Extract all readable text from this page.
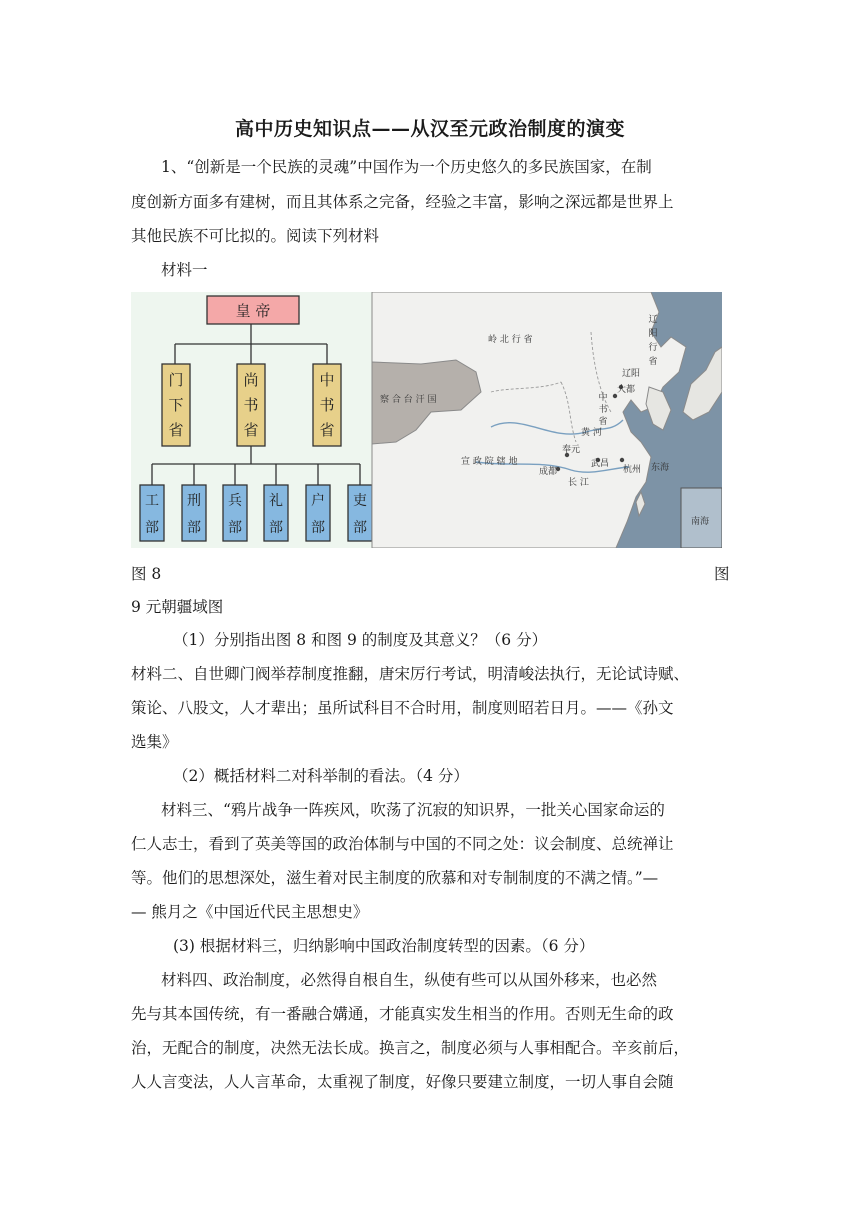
高中历史知识点——从汉至元政治制度的演变
1、“创新是一个民族的灵魂”中国作为一个历史悠久的多民族国家，在制
度创新方面多有建树，而且其体系之完备，经验之丰富，影响之深远都是世界上
其他民族不可比拟的。阅读下列材料
材料一
皇 帝
门
下
省
尚
书
省
中
书
省
工
部
刑
部
兵
部
礼
部
户
部
吏
部
岭 北 行 省
察 合 台 汗 国
宣 政 院 辖 地
大都
辽阳
黄 河
奉元
成都
长 江
武昌
杭州 东海
南海
辽
阳
行
省
中
书
省
图 8	图
9 元朝疆域图
（1）分别指出图 8 和图 9 的制度及其意义？（6 分）
材料二、自世卿门阀举荐制度推翻，唐宋厉行考试，明清峻法执行，无论试诗赋、
策论、八股文，人才辈出；虽所试科目不合时用，制度则昭若日月。——《孙文
选集》
（2）概括材料二对科举制的看法。（4 分）
材料三、“鸦片战争一阵疾风，吹荡了沉寂的知识界，一批关心国家命运的
仁人志士，看到了英美等国的政治体制与中国的不同之处：议会制度、总统禅让
等。他们的思想深处，滋生着对民主制度的欣慕和对专制制度的不满之情。”—
— 熊月之《中国近代民主思想史》
(3) 根据材料三，归纳影响中国政治制度转型的因素。（6 分）
材料四、政治制度，必然得自根自生，纵使有些可以从国外移来，也必然
先与其本国传统，有一番融合媾通，才能真实发生相当的作用。否则无生命的政
治，无配合的制度，决然无法长成。换言之，制度必须与人事相配合。辛亥前后，
人人言变法，人人言革命，太重视了制度，好像只要建立制度，一切人事自会随
